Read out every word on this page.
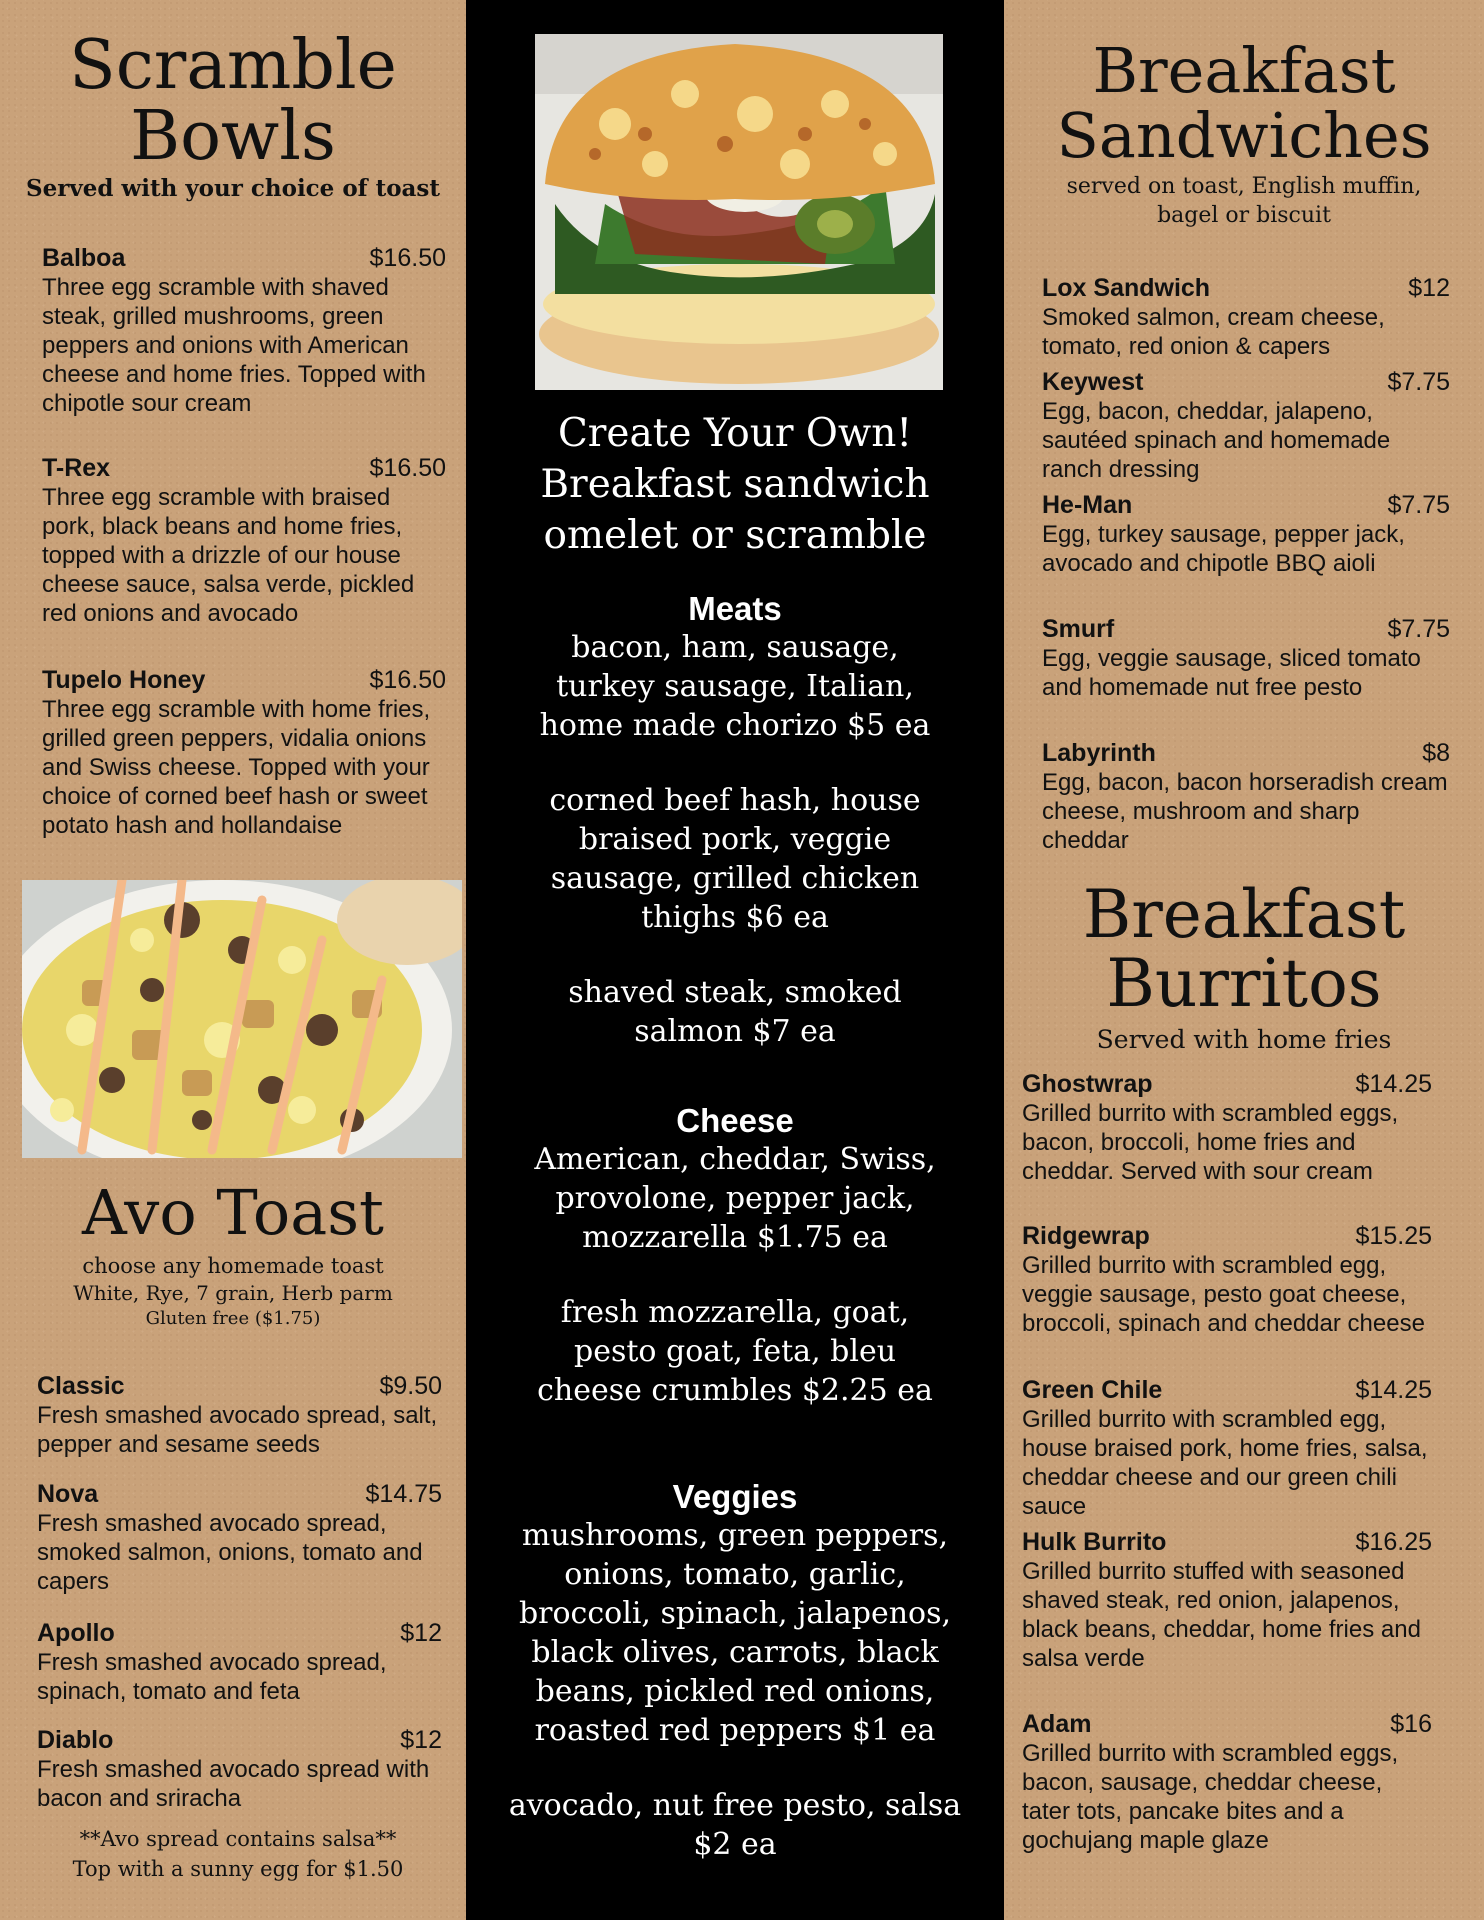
Scramble
Bowls
Served with your choice of toast
Balboa	$16.50
Three egg scramble with shaved steak, grilled mushrooms, green peppers and onions with American cheese and home fries. Topped with chipotle sour cream
T-Rex	$16.50
Three egg scramble with braised pork, black beans and home fries, topped with a drizzle of our house cheese sauce, salsa verde, pickled red onions and avocado
Tupelo Honey	$16.50
Three egg scramble with home fries, grilled green peppers, vidalia onions and Swiss cheese. Topped with your choice of corned beef hash or sweet potato hash and hollandaise
Avo Toast
choose any homemade toast
White, Rye, 7 grain, Herb parm
Gluten free ($1.75)
Classic	$9.50
Fresh smashed avocado spread, salt, pepper and sesame seeds
Nova	$14.75
Fresh smashed avocado spread, smoked salmon, onions, tomato and capers
Apollo	$12
Fresh smashed avocado spread, spinach, tomato and feta
Diablo	$12
Fresh smashed avocado spread with bacon and sriracha
**Avo spread contains salsa**
Top with a sunny egg for $1.50
Create Your Own!
Breakfast sandwich
omelet or scramble
Meats
bacon, ham, sausage, turkey sausage, Italian, home made chorizo $5 ea
corned beef hash, house braised pork, veggie sausage, grilled chicken thighs $6 ea
shaved steak, smoked salmon $7 ea
Cheese
American, cheddar, Swiss, provolone, pepper jack, mozzarella $1.75 ea
fresh mozzarella, goat, pesto goat, feta, bleu cheese crumbles $2.25 ea
Veggies
mushrooms, green peppers, onions, tomato, garlic, broccoli, spinach, jalapenos, black olives, carrots, black beans, pickled red onions, roasted red peppers $1 ea
avocado, nut free pesto, salsa $2 ea
Breakfast
Sandwiches
served on toast, English muffin,
bagel or biscuit
Lox Sandwich	$12
Smoked salmon, cream cheese, tomato, red onion & capers
Keywest	$7.75
Egg, bacon, cheddar, jalapeno, sautéed spinach and homemade ranch dressing
He-Man	$7.75
Egg, turkey sausage, pepper jack, avocado and chipotle BBQ aioli
Smurf	$7.75
Egg, veggie sausage, sliced tomato and homemade nut free pesto
Labyrinth	$8
Egg, bacon, bacon horseradish cream cheese, mushroom and sharp cheddar
Breakfast
Burritos
Served with home fries
Ghostwrap	$14.25
Grilled burrito with scrambled eggs, bacon, broccoli, home fries and cheddar. Served with sour cream
Ridgewrap	$15.25
Grilled burrito with scrambled egg, veggie sausage, pesto goat cheese, broccoli, spinach and cheddar cheese
Green Chile	$14.25
Grilled burrito with scrambled egg, house braised pork, home fries, salsa, cheddar cheese and our green chili sauce
Hulk Burrito	$16.25
Grilled burrito stuffed with seasoned shaved steak, red onion, jalapenos, black beans, cheddar, home fries and salsa verde
Adam	$16
Grilled burrito with scrambled eggs, bacon, sausage, cheddar cheese, tater tots, pancake bites and a gochujang maple glaze
